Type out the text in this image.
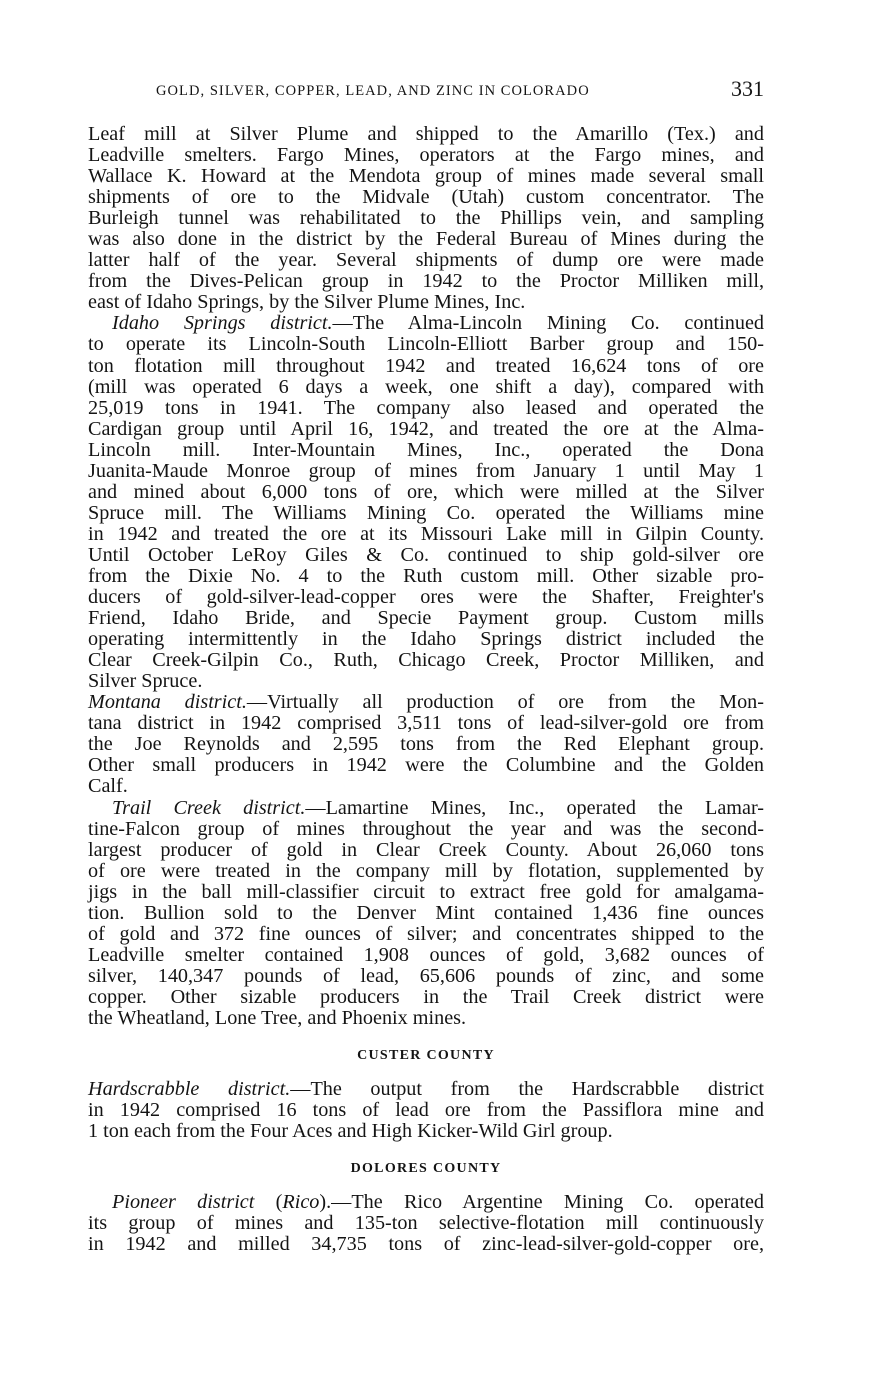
GOLD, SILVER, COPPER, LEAD, AND ZINC IN COLORADO	331
Leaf mill at Silver Plume and shipped to the Amarillo (Tex.) and
Leadville smelters. Fargo Mines, operators at the Fargo mines, and
Wallace K. Howard at the Mendota group of mines made several small
shipments of ore to the Midvale (Utah) custom concentrator. The
Burleigh tunnel was rehabilitated to the Phillips vein, and sampling
was also done in the district by the Federal Bureau of Mines during the
latter half of the year. Several shipments of dump ore were made
from the Dives-Pelican group in 1942 to the Proctor Milliken mill,
east of Idaho Springs, by the Silver Plume Mines, Inc.
Idaho Springs district.—The Alma-Lincoln Mining Co. continued
to operate its Lincoln-South Lincoln-Elliott Barber group and 150-
ton flotation mill throughout 1942 and treated 16,624 tons of ore
(mill was operated 6 days a week, one shift a day), compared with
25,019 tons in 1941. The company also leased and operated the
Cardigan group until April 16, 1942, and treated the ore at the Alma-
Lincoln mill. Inter-Mountain Mines, Inc., operated the Dona
Juanita-Maude Monroe group of mines from January 1 until May 1
and mined about 6,000 tons of ore, which were milled at the Silver
Spruce mill. The Williams Mining Co. operated the Williams mine
in 1942 and treated the ore at its Missouri Lake mill in Gilpin County.
Until October LeRoy Giles & Co. continued to ship gold-silver ore
from the Dixie No. 4 to the Ruth custom mill. Other sizable pro-
ducers of gold-silver-lead-copper ores were the Shafter, Freighter's
Friend, Idaho Bride, and Specie Payment group. Custom mills
operating intermittently in the Idaho Springs district included the
Clear Creek-Gilpin Co., Ruth, Chicago Creek, Proctor Milliken, and
Silver Spruce.
Montana district.—Virtually all production of ore from the Mon-
tana district in 1942 comprised 3,511 tons of lead-silver-gold ore from
the Joe Reynolds and 2,595 tons from the Red Elephant group.
Other small producers in 1942 were the Columbine and the Golden
Calf.
Trail Creek district.—Lamartine Mines, Inc., operated the Lamar-
tine-Falcon group of mines throughout the year and was the second-
largest producer of gold in Clear Creek County. About 26,060 tons
of ore were treated in the company mill by flotation, supplemented by
jigs in the ball mill-classifier circuit to extract free gold for amalgama-
tion. Bullion sold to the Denver Mint contained 1,436 fine ounces
of gold and 372 fine ounces of silver; and concentrates shipped to the
Leadville smelter contained 1,908 ounces of gold, 3,682 ounces of
silver, 140,347 pounds of lead, 65,606 pounds of zinc, and some
copper. Other sizable producers in the Trail Creek district were
the Wheatland, Lone Tree, and Phoenix mines.
CUSTER COUNTY
Hardscrabble district.—The output from the Hardscrabble district
in 1942 comprised 16 tons of lead ore from the Passiflora mine and
1 ton each from the Four Aces and High Kicker-Wild Girl group.
DOLORES COUNTY
Pioneer district (Rico).—The Rico Argentine Mining Co. operated
its group of mines and 135-ton selective-flotation mill continuously
in 1942 and milled 34,735 tons of zinc-lead-silver-gold-copper ore,
